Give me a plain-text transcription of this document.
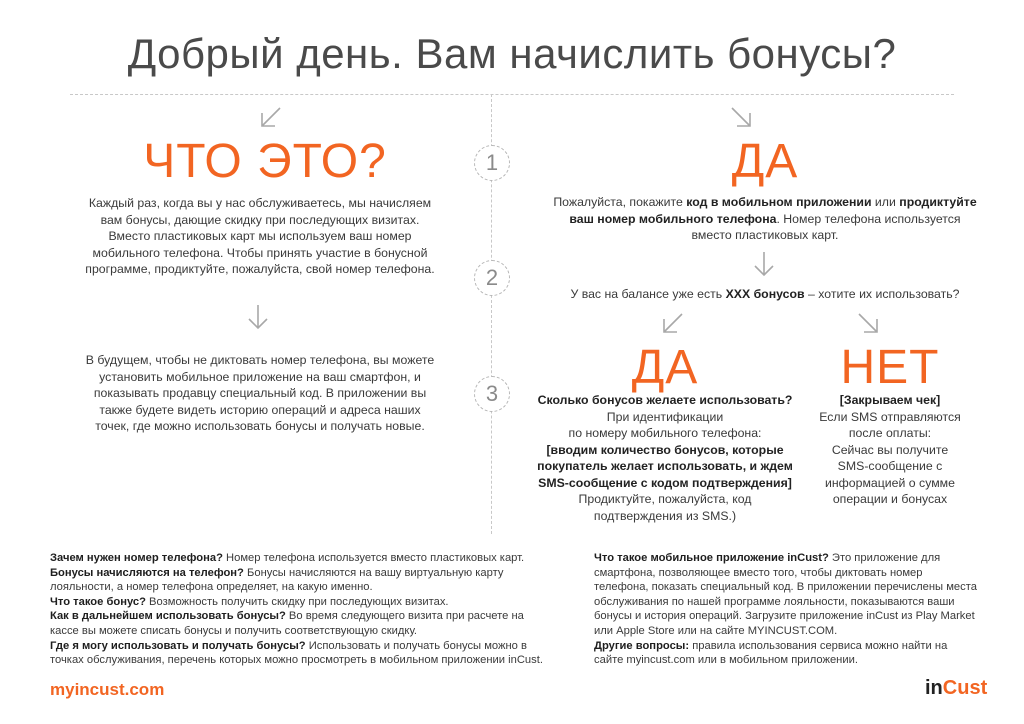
Добрый день. Вам начислить бонусы?
1
2
3
ЧТО ЭТО?
Каждый раз, когда вы у нас обслуживаетесь, мы начисляем
вам бонусы, дающие скидку при последующих визитах.
Вместо пластиковых карт мы используем ваш номер
мобильного телефона. Чтобы принять участие в бонусной
программе, продиктуйте, пожалуйста, свой номер телефона.
В будущем, чтобы не диктовать номер телефона, вы можете
установить мобильное приложение на ваш смартфон, и
показывать продавцу специальный код. В приложении вы
также будете видеть историю операций и адреса наших
точек, где можно использовать бонусы и получать новые.
ДА
Пожалуйста, покажите код в мобильном приложении или продиктуйте
ваш номер мобильного телефона. Номер телефона используется
вместо пластиковых карт.
У вас на балансе уже есть XXX бонусов – хотите их использовать?
ДА
Сколько бонусов желаете использовать?
При идентификации
по номеру мобильного телефона:
[вводим количество бонусов, которые
покупатель желает использовать, и ждем
SMS-сообщение с кодом подтверждения]
Продиктуйте, пожалуйста, код
подтверждения из SMS.)
НЕТ
[Закрываем чек]
Если SMS отправляются
после оплаты:
Сейчас вы получите
SMS-сообщение с
информацией о сумме
операции и бонусах

Зачем нужен номер телефона? Номер телефона используется вместо пластиковых карт.

Бонусы начисляются на телефон? Бонусы начисляются на вашу виртуальную карту лояльности, а номер телефона определяет, на какую именно.

Что такое бонус? Возможность получить скидку при последующих визитах.

Как в дальнейшем использовать бонусы? Во время следующего визита при расчете на кассе вы можете списать бонусы и получить соответствующую скидку.

Где я могу использовать и получать бонусы? Использовать и получать бонусы можно в точках обслуживания, перечень которых можно просмотреть в мобильном приложении inCust.

Что такое мобильное приложение inCust? Это приложение для смартфона, позволяющее вместо того, чтобы диктовать номер телефона, показать специальный код. В приложении перечислены места обслуживания по нашей программе лояльности, показываются ваши бонусы и история операций. Загрузите приложение inCust из Play Market или Apple Store или на сайте MYINCUST.COM.

Другие вопросы: правила использования сервиса можно найти на сайте myincust.com или в мобильном приложении.

myincust.com	inCust
